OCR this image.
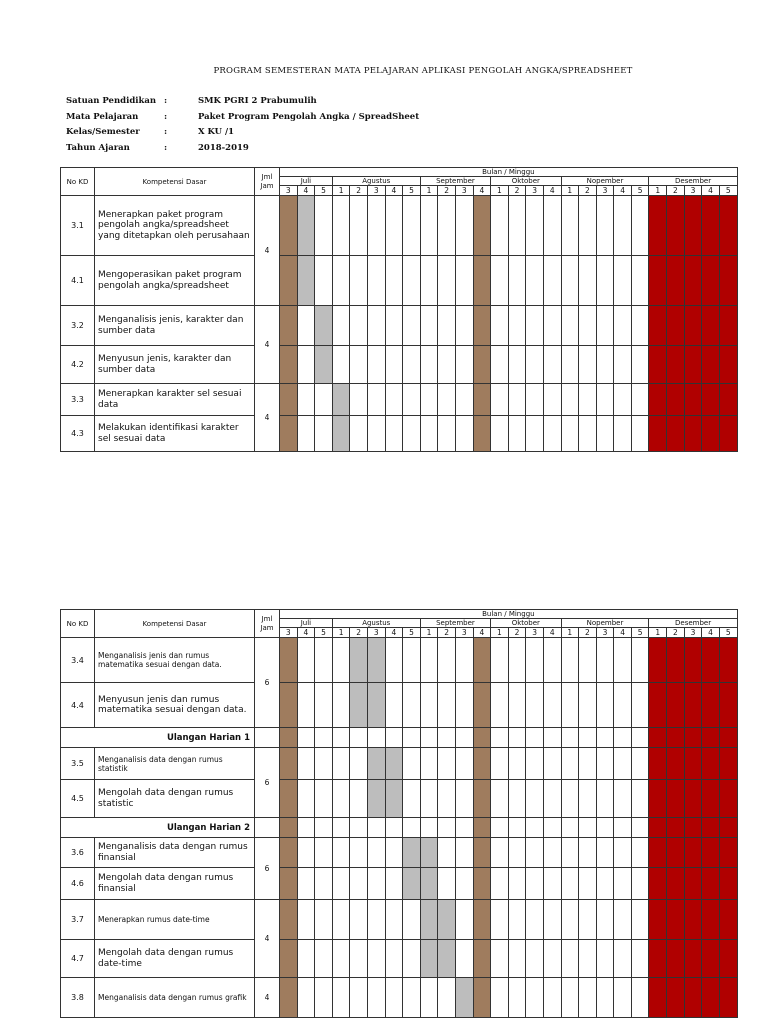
PROGRAM SEMESTERAN MATA PELAJARAN APLIKASI PENGOLAH ANGKA/SPREADSHEET
Satuan Pendidikan :	SMK PGRI 2 Prabumulih
Mata Pelajaran	:	Paket Program Pengolah Angka / SpreadSheet
Kelas/Semester	:	X KU /1
Tahun Ajaran	:	2018-2019
No KD	Kompetensi Dasar	Jml
Jam	Bulan / Minggu																									
			Juli			Agustus					September				Oktober				Nopember					Desember				
			3	4	5	1	2	3	4	5	1	2	3	4	1	2	3	4	1	2	3	4	5	1	2	3	4	5
3.1	Menerapkan paket program pengolah angka/spreadsheet yang ditetapkan oleh perusahaan	4																										
4.1	Mengoperasikan paket program pengolah angka/spreadsheet																											
3.2	Menganalisis jenis, karakter dan sumber data	4																										
4.2	Menyusun jenis, karakter dan sumber data																											
3.3	Menerapkan karakter sel sesuai data	4																										
4.3	Melakukan identifikasi karakter sel sesuai data																											
No KD	Kompetensi Dasar	Jml
Jam	Bulan / Minggu																									
			Juli			Agustus					September				Oktober				Nopember					Desember				
			3	4	5	1	2	3	4	5	1	2	3	4	1	2	3	4	1	2	3	4	5	1	2	3	4	5
3.4	Menganalisis jenis dan rumus matematika sesuai dengan data.	6																										
4.4	Menyusun jenis dan rumus matematika sesuai dengan data.																											
Ulangan Harian 1																												
3.5	Menganalisis data dengan rumus statistik	6																										
4.5	Mengolah data dengan rumus statistic																											
Ulangan Harian 2																												
3.6	Menganalisis data dengan rumus finansial	6																										
4.6	Mengolah data dengan rumus finansial																											
3.7	Menerapkan rumus date-time	4																										
4.7	Mengolah data dengan rumus date-time																											
3.8	Menganalisis data dengan rumus grafik	4																										
